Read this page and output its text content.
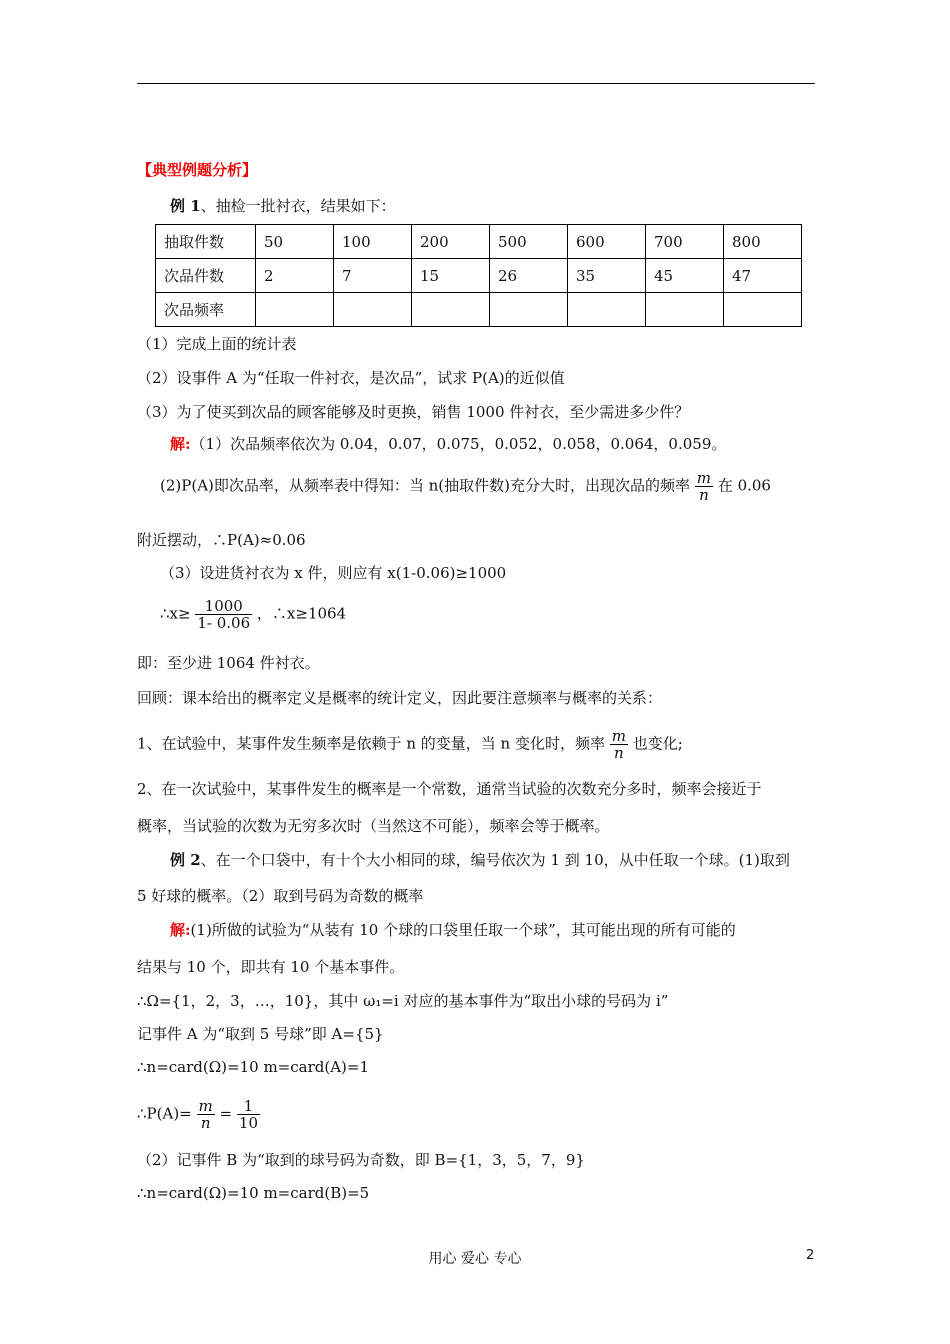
【典型例题分析】
例 1、抽检一批衬衣，结果如下：
抽取件数	50	100	200	500	600	700	800
次品件数	2	7	15	26	35	45	47
次品频率							
（1）完成上面的统计表
（2）设事件 A 为“任取一件衬衣，是次品”，试求 P(A)的近似值
（3）为了使买到次品的顾客能够及时更换，销售 1000 件衬衣，至少需进多少件？
解:（1）次品频率依次为 0.04，0.07，0.075，0.052，0.058，0.064，0.059。
(2)P(A)即次品率，从频率表中得知：当 n(抽取件数)充分大时，出现次品的频率 $\frac{m}{n}$ 在 0.06
附近摆动，∴P(A)≈0.06
（3）设进货衬衣为 x 件，则应有 x(1-0.06)≥1000
∴x≥ $\frac{1000}{1- 0.06}$ ，∴x≥1064
即：至少进 1064 件衬衣。
回顾：课本给出的概率定义是概率的统计定义，因此要注意频率与概率的关系：
1、在试验中，某事件发生频率是依赖于 n 的变量，当 n 变化时，频率 $\frac{m}{n}$ 也变化;
2、在一次试验中，某事件发生的概率是一个常数，通常当试验的次数充分多时，频率会接近于
概率，当试验的次数为无穷多次时（当然这不可能），频率会等于概率。
例 2、在一个口袋中，有十个大小相同的球，编号依次为 1 到 10，从中任取一个球。(1)取到
5 好球的概率。（2）取到号码为奇数的概率
解:(1)所做的试验为“从装有 10 个球的口袋里任取一个球”，其可能出现的所有可能的
结果与 10 个，即共有 10 个基本事件。
∴Ω={1，2，3，…，10}，其中 ω₁=i 对应的基本事件为“取出小球的号码为 i”
记事件 A 为“取到 5 号球”即 A={5}
∴n=card(Ω)=10 m=card(A)=1
∴P(A)= $\frac{m}{n} = \frac{1}{10}$
（2）记事件 B 为“取到的球号码为奇数，即 B={1，3，5，7，9}
∴n=card(Ω)=10 m=card(B)=5
用心 爱心 专心	2
